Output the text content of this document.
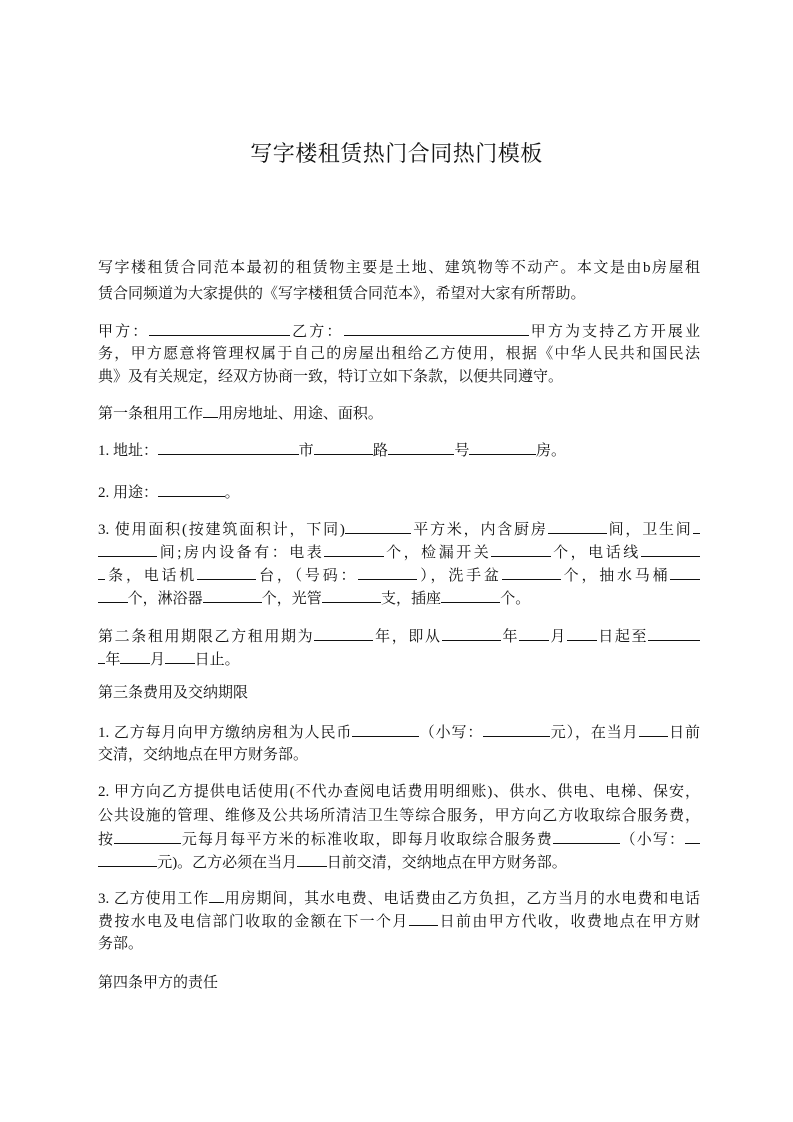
写字楼租赁热门合同热门模板
写字楼租赁合同范本最初的租赁物主要是土地、建筑物等不动产。本文是由b房屋租
赁合同频道为大家提供的《写字楼租赁合同范本》，希望对大家有所帮助。
甲方：	乙方：	甲方为支持乙方开展业
务，甲方愿意将管理权属于自己的房屋出租给乙方使用，根据《中华人民共和国民法
典》及有关规定，经双方协商一致，特订立如下条款，以便共同遵守。
第一条租用工作 用房地址、用途、面积。
1. 地址：	市	路	号	房。
2. 用途：	。
3. 使用面积(按建筑面积计，下同)	平方米，内含厨房	间，卫生间
间;房内设备有：电表	个，检漏开关	个，电话线
条，电话机	台，（号码：	），洗手盆	个，抽水马桶
个，淋浴器	个，光管	支，插座	个。
第二条租用期限乙方租用期为	年，即从	年 月 日起至
年 月 日止。
第三条费用及交纳期限
1. 乙方每月向甲方缴纳房租为人民币	（小写：	元），在当月 日前
交清，交纳地点在甲方财务部。
2. 甲方向乙方提供电话使用(不代办查阅电话费用明细账)、供水、供电、电梯、保安，
公共设施的管理、维修及公共场所清洁卫生等综合服务，甲方向乙方收取综合服务费，
按	元每月每平方米的标准收取，即每月收取综合服务费	（小写：
元)。乙方必须在当月 日前交清，交纳地点在甲方财务部。
3. 乙方使用工作 用房期间，其水电费、电话费由乙方负担，乙方当月的水电费和电话
费按水电及电信部门收取的金额在下一个月 日前由甲方代收，收费地点在甲方财
务部。
第四条甲方的责任
